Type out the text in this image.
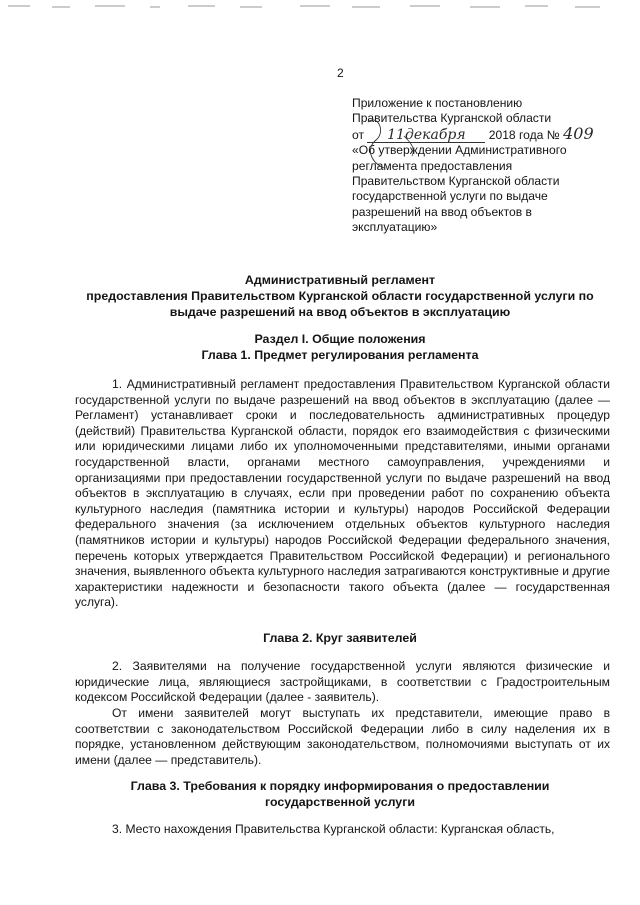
2
Приложение к постановлению
Правительства Курганской области
от 11декабря 2018 года № 409
«Об утверждении Административного
регламента предоставления
Правительством Курганской области
государственной услуги по выдаче
разрешений на ввод объектов в
эксплуатацию»
Административный регламент
предоставления Правительством Курганской области государственной услуги по
выдаче разрешений на ввод объектов в эксплуатацию
Раздел I. Общие положения
Глава 1. Предмет регулирования регламента
1. Административный регламент предоставления Правительством Курганской области государственной услуги по выдаче разрешений на ввод объектов в эксплуатацию (далее — Регламент) устанавливает сроки и последовательность административных процедур (действий) Правительства Курганской области, порядок его взаимодействия с физическими или юридическими лицами либо их уполномоченными представителями, иными органами государственной власти, органами местного самоуправления, учреждениями и организациями при предоставлении государственной услуги по выдаче разрешений на ввод объектов в эксплуатацию в случаях, если при проведении работ по сохранению объекта культурного наследия (памятника истории и культуры) народов Российской Федерации федерального значения (за исключением отдельных объектов культурного наследия (памятников истории и культуры) народов Российской Федерации федерального значения, перечень которых утверждается Правительством Российской Федерации) и регионального значения, выявленного объекта культурного наследия затрагиваются конструктивные и другие характеристики надежности и безопасности такого объекта (далее — государственная услуга).
Глава 2. Круг заявителей
2. Заявителями на получение государственной услуги являются физические и юридические лица, являющиеся застройщиками, в соответствии с Градостроительным кодексом Российской Федерации (далее - заявитель).
От имени заявителей могут выступать их представители, имеющие право в соответствии с законодательством Российской Федерации либо в силу наделения их в порядке, установленном действующим законодательством, полномочиями выступать от их имени (далее — представитель).
Глава 3. Требования к порядку информирования о предоставлении
государственной услуги
3. Место нахождения Правительства Курганской области: Курганская область,
